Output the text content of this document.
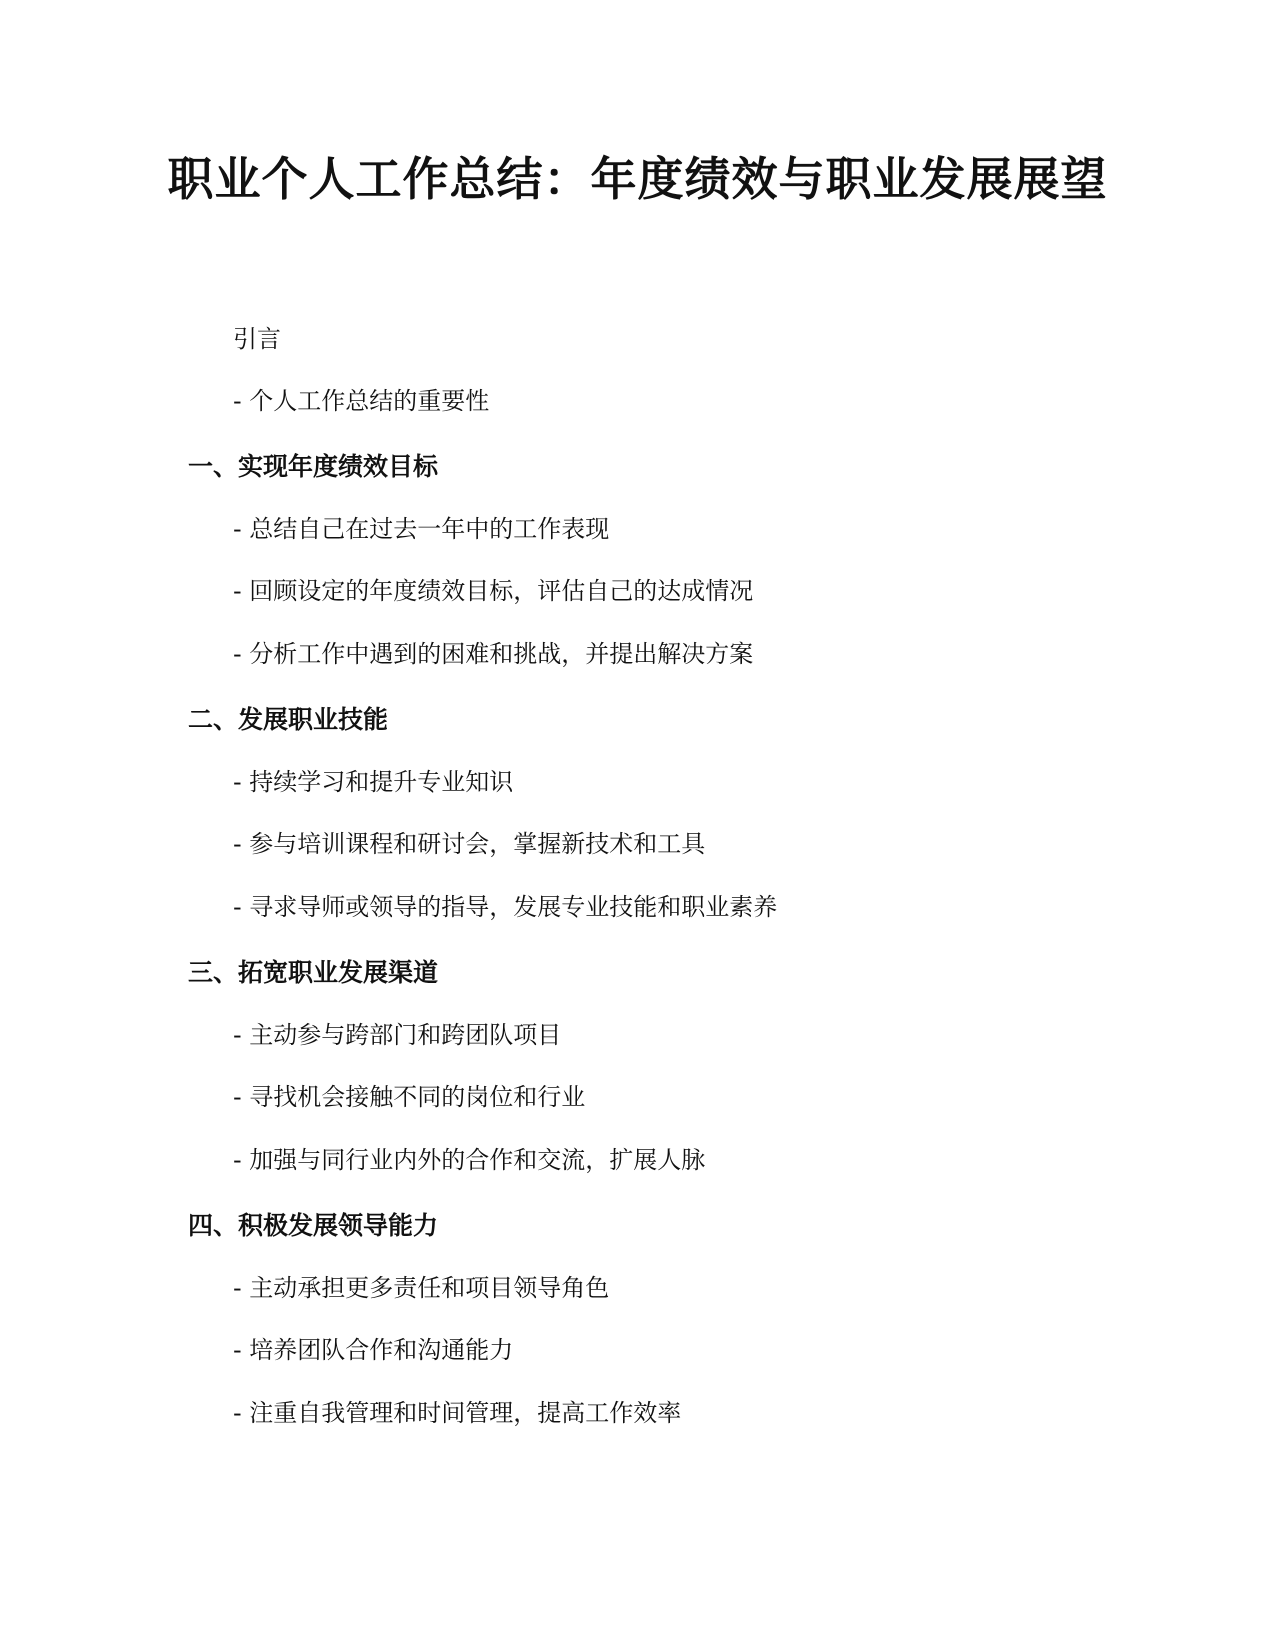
职业个人工作总结：年度绩效与职业发展展望
引言
- 个人工作总结的重要性
一、实现年度绩效目标
- 总结自己在过去一年中的工作表现
- 回顾设定的年度绩效目标，评估自己的达成情况
- 分析工作中遇到的困难和挑战，并提出解决方案
二、发展职业技能
- 持续学习和提升专业知识
- 参与培训课程和研讨会，掌握新技术和工具
- 寻求导师或领导的指导，发展专业技能和职业素养
三、拓宽职业发展渠道
- 主动参与跨部门和跨团队项目
- 寻找机会接触不同的岗位和行业
- 加强与同行业内外的合作和交流，扩展人脉
四、积极发展领导能力
- 主动承担更多责任和项目领导角色
- 培养团队合作和沟通能力
- 注重自我管理和时间管理，提高工作效率
